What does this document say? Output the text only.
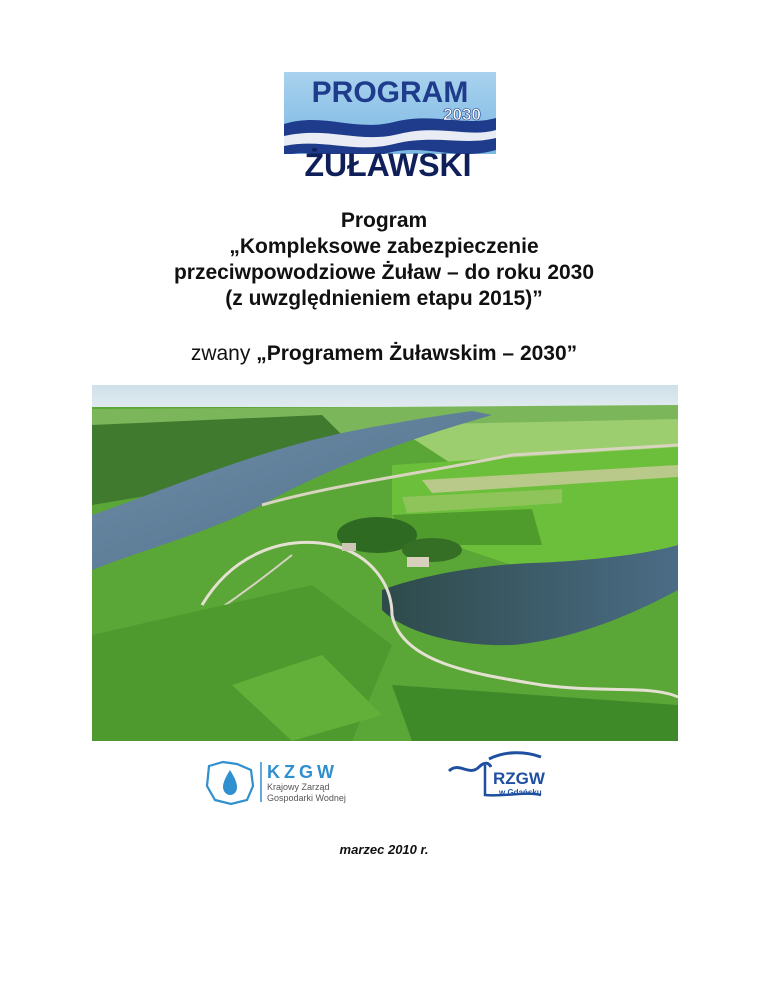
PROGRAM
2030
ŻUŁAWSKI
Program
„Kompleksowe zabezpieczenie
przeciwpowodziowe Żuław – do roku 2030
(z uwzględnieniem etapu 2015)”
zwany „Programem Żuławskim – 2030”
KZGW
Krajowy Zarząd
Gospodarki Wodnej
RZGW
w Gdańsku
marzec 2010 r.
